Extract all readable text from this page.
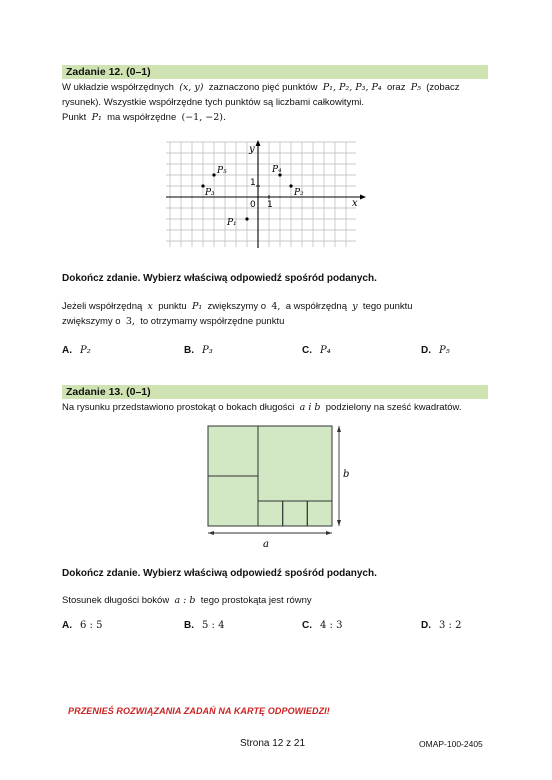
Zadanie 12. (0–1)
W układzie współrzędnych (x, y) zaznaczono pięć punktów P₁, P₂, P₃, P₄ oraz P₅ (zobacz
rysunek). Wszystkie współrzędne tych punktów są liczbami całkowitymi.
Punkt P₁ ma współrzędne (−1, −2).
y
x
0 1
1
P₁
P₂
P₃
P₄
P₅
Dokończ zdanie. Wybierz właściwą odpowiedź spośród podanych.
Jeżeli współrzędną x punktu P₁ zwiększymy o 4, a współrzędną y tego punktu
zwiększymy o 3, to otrzymamy współrzędne punktu
A. P₂	B. P₃	C. P₄	D. P₅
Zadanie 13. (0–1)
Na rysunku przedstawiono prostokąt o bokach długości a i b podzielony na sześć kwadratów.
b
a
Dokończ zdanie. Wybierz właściwą odpowiedź spośród podanych.
Stosunek długości boków a : b tego prostokąta jest równy
A. 6 : 5	B. 5 : 4	C. 4 : 3	D. 3 : 2
PRZENIEŚ ROZWIĄZANIA ZADAŃ NA KARTĘ ODPOWIEDZI!
Strona 12 z 21	OMAP-100-2405
